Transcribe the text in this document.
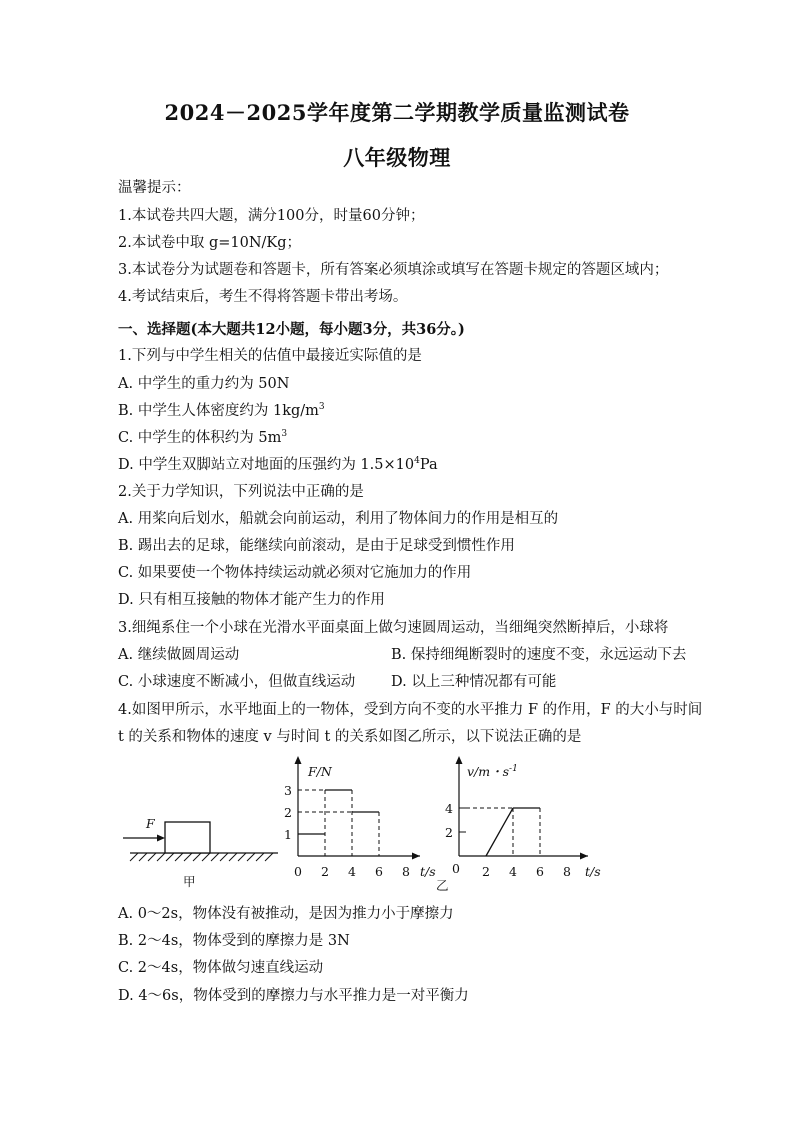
2024－2025学年度第二学期教学质量监测试卷
八年级物理
温馨提示：
1.本试卷共四大题，满分100分，时量60分钟；
2.本试卷中取 g=10N/Kg；
3.本试卷分为试题卷和答题卡，所有答案必须填涂或填写在答题卡规定的答题区域内；
4.考试结束后，考生不得将答题卡带出考场。
一、选择题(本大题共12小题，每小题3分，共36分。)
1.下列与中学生相关的估值中最接近实际值的是
A. 中学生的重力约为 50N
B. 中学生人体密度约为 $1kg/m^3$
C. 中学生的体积约为 $5m^3$
D. 中学生双脚站立对地面的压强约为 $1.5\times 10^4Pa$
2.关于力学知识，下列说法中正确的是
A. 用桨向后划水，船就会向前运动，利用了物体间力的作用是相互的
B. 踢出去的足球，能继续向前滚动，是由于足球受到惯性作用
C. 如果要使一个物体持续运动就必须对它施加力的作用
D. 只有相互接触的物体才能产生力的作用
3.细绳系住一个小球在光滑水平面桌面上做匀速圆周运动，当细绳突然断掉后，小球将
A. 继续做圆周运动	B. 保持细绳断裂时的速度不变，永远运动下去
C. 小球速度不断减小，但做直线运动 D. 以上三种情况都有可能
4.如图甲所示，水平地面上的一物体，受到方向不变的水平推力 F 的作用，F 的大小与时间
t 的关系和物体的速度 v 与时间 t 的关系如图乙所示，以下说法正确的是
F
甲
1
2
3
2 4 6 8
F/N
0	t/s
2
4
2 4 6 8
v/m・$s^{-1}$
0	t/s
乙
A. 0～2s，物体没有被推动，是因为推力小于摩擦力
B. 2～4s，物体受到的摩擦力是 3N
C. 2～4s，物体做匀速直线运动
D. 4～6s，物体受到的摩擦力与水平推力是一对平衡力
